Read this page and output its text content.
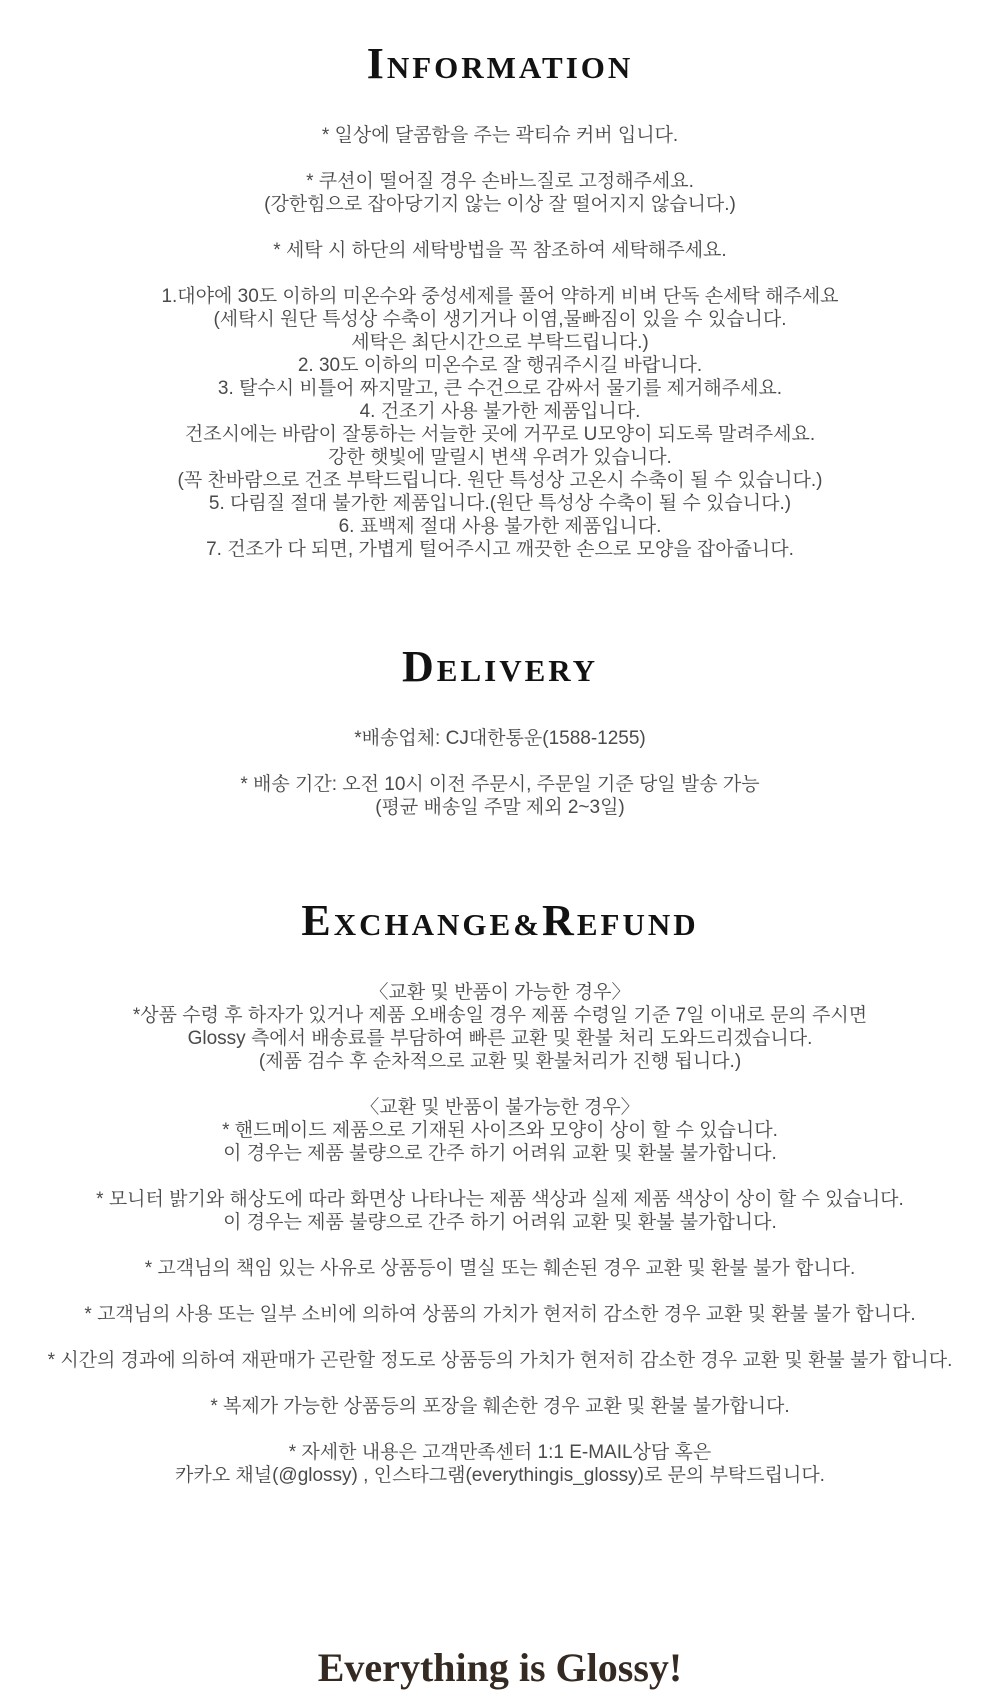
INFORMATION
* 일상에 달콤함을 주는 곽티슈 커버 입니다.
* 쿠션이 떨어질 경우 손바느질로 고정해주세요.
(강한힘으로 잡아당기지 않는 이상 잘 떨어지지 않습니다.)
* 세탁 시 하단의 세탁방법을 꼭 참조하여 세탁해주세요.
1.대야에 30도 이하의 미온수와 중성세제를 풀어 약하게 비벼 단독 손세탁 해주세요
(세탁시 원단 특성상 수축이 생기거나 이염,물빠짐이 있을 수 있습니다.
세탁은 최단시간으로 부탁드립니다.)
2. 30도 이하의 미온수로 잘 행궈주시길 바랍니다.
3. 탈수시 비틀어 짜지말고, 큰 수건으로 감싸서 물기를 제거해주세요.
4. 건조기 사용 불가한 제품입니다.
건조시에는 바람이 잘통하는 서늘한 곳에 거꾸로 U모양이 되도록 말려주세요.
강한 햇빛에 말릴시 변색 우려가 있습니다.
(꼭 찬바람으로 건조 부탁드립니다. 원단 특성상 고온시 수축이 될 수 있습니다.)
5. 다림질 절대 불가한 제품입니다.(원단 특성상 수축이 될 수 있습니다.)
6. 표백제 절대 사용 불가한 제품입니다.
7. 건조가 다 되면, 가볍게 털어주시고 깨끗한 손으로 모양을 잡아줍니다.
DELIVERY
*배송업체: CJ대한통운(1588-1255)
* 배송 기간: 오전 10시 이전 주문시, 주문일 기준 당일 발송 가능
(평균 배송일 주말 제외 2~3일)
EXCHANGE&REFUND
〈교환 및 반품이 가능한 경우〉
*상품 수령 후 하자가 있거나 제품 오배송일 경우 제품 수령일 기준 7일 이내로 문의 주시면
Glossy 측에서 배송료를 부담하여 빠른 교환 및 환불 처리 도와드리겠습니다.
(제품 검수 후 순차적으로 교환 및 환불처리가 진행 됩니다.)
〈교환 및 반품이 불가능한 경우〉
* 핸드메이드 제품으로 기재된 사이즈와 모양이 상이 할 수 있습니다.
이 경우는 제품 불량으로 간주 하기 어려워 교환 및 환불 불가합니다.
* 모니터 밝기와 해상도에 따라 화면상 나타나는 제품 색상과 실제 제품 색상이 상이 할 수 있습니다.
이 경우는 제품 불량으로 간주 하기 어려워 교환 및 환불 불가합니다.
* 고객님의 책임 있는 사유로 상품등이 멸실 또는 훼손된 경우 교환 및 환불 불가 합니다.
* 고객님의 사용 또는 일부 소비에 의하여 상품의 가치가 현저히 감소한 경우 교환 및 환불 불가 합니다.
* 시간의 경과에 의하여 재판매가 곤란할 정도로 상품등의 가치가 현저히 감소한 경우 교환 및 환불 불가 합니다.
* 복제가 가능한 상품등의 포장을 훼손한 경우 교환 및 환불 불가합니다.
* 자세한 내용은 고객만족센터 1:1 E-MAIL상담 혹은
카카오 채널(@glossy) , 인스타그램(everythingis_glossy)로 문의 부탁드립니다.
Everything is Glossy!
